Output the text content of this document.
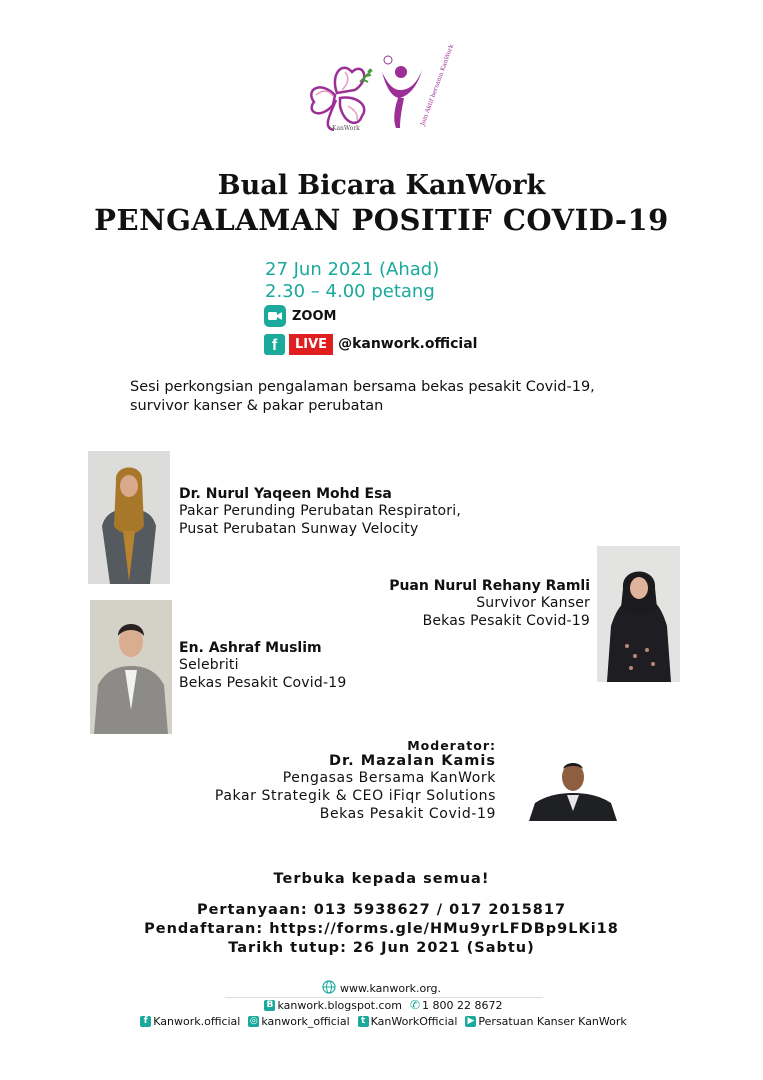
KanWork
Jom Aktif bersama KanWork
Bual Bicara KanWork
PENGALAMAN POSITIF COVID-19
27 Jun 2021 (Ahad)
2.30 – 4.00 petang
ZOOM
f	LIVE @kanwork.official
Sesi perkongsian pengalaman bersama bekas pesakit Covid-19,
survivor kanser & pakar perubatan
Dr. Nurul Yaqeen Mohd Esa
Pakar Perunding Perubatan Respiratori,
Pusat Perubatan Sunway Velocity
Puan Nurul Rehany Ramli
Survivor Kanser
Bekas Pesakit Covid-19
En. Ashraf Muslim
Selebriti
Bekas Pesakit Covid-19
Moderator:
Dr. Mazalan Kamis
Pengasas Bersama KanWork
Pakar Strategik & CEO iFiqr Solutions
Bekas Pesakit Covid-19
Terbuka kepada semua!
Pertanyaan: 013 5938627 / 017 2015817
Pendaftaran: https://forms.gle/HMu9yrLFDBp9LKi18
Tarikh tutup: 26 Jun 2021 (Sabtu)
www.kanwork.org.
B kanwork.blogspot.com ✆ 1 800 22 8672
f Kanwork.official ◎ kanwork_official	t KanWorkOfficial ▶ Persatuan Kanser KanWork
